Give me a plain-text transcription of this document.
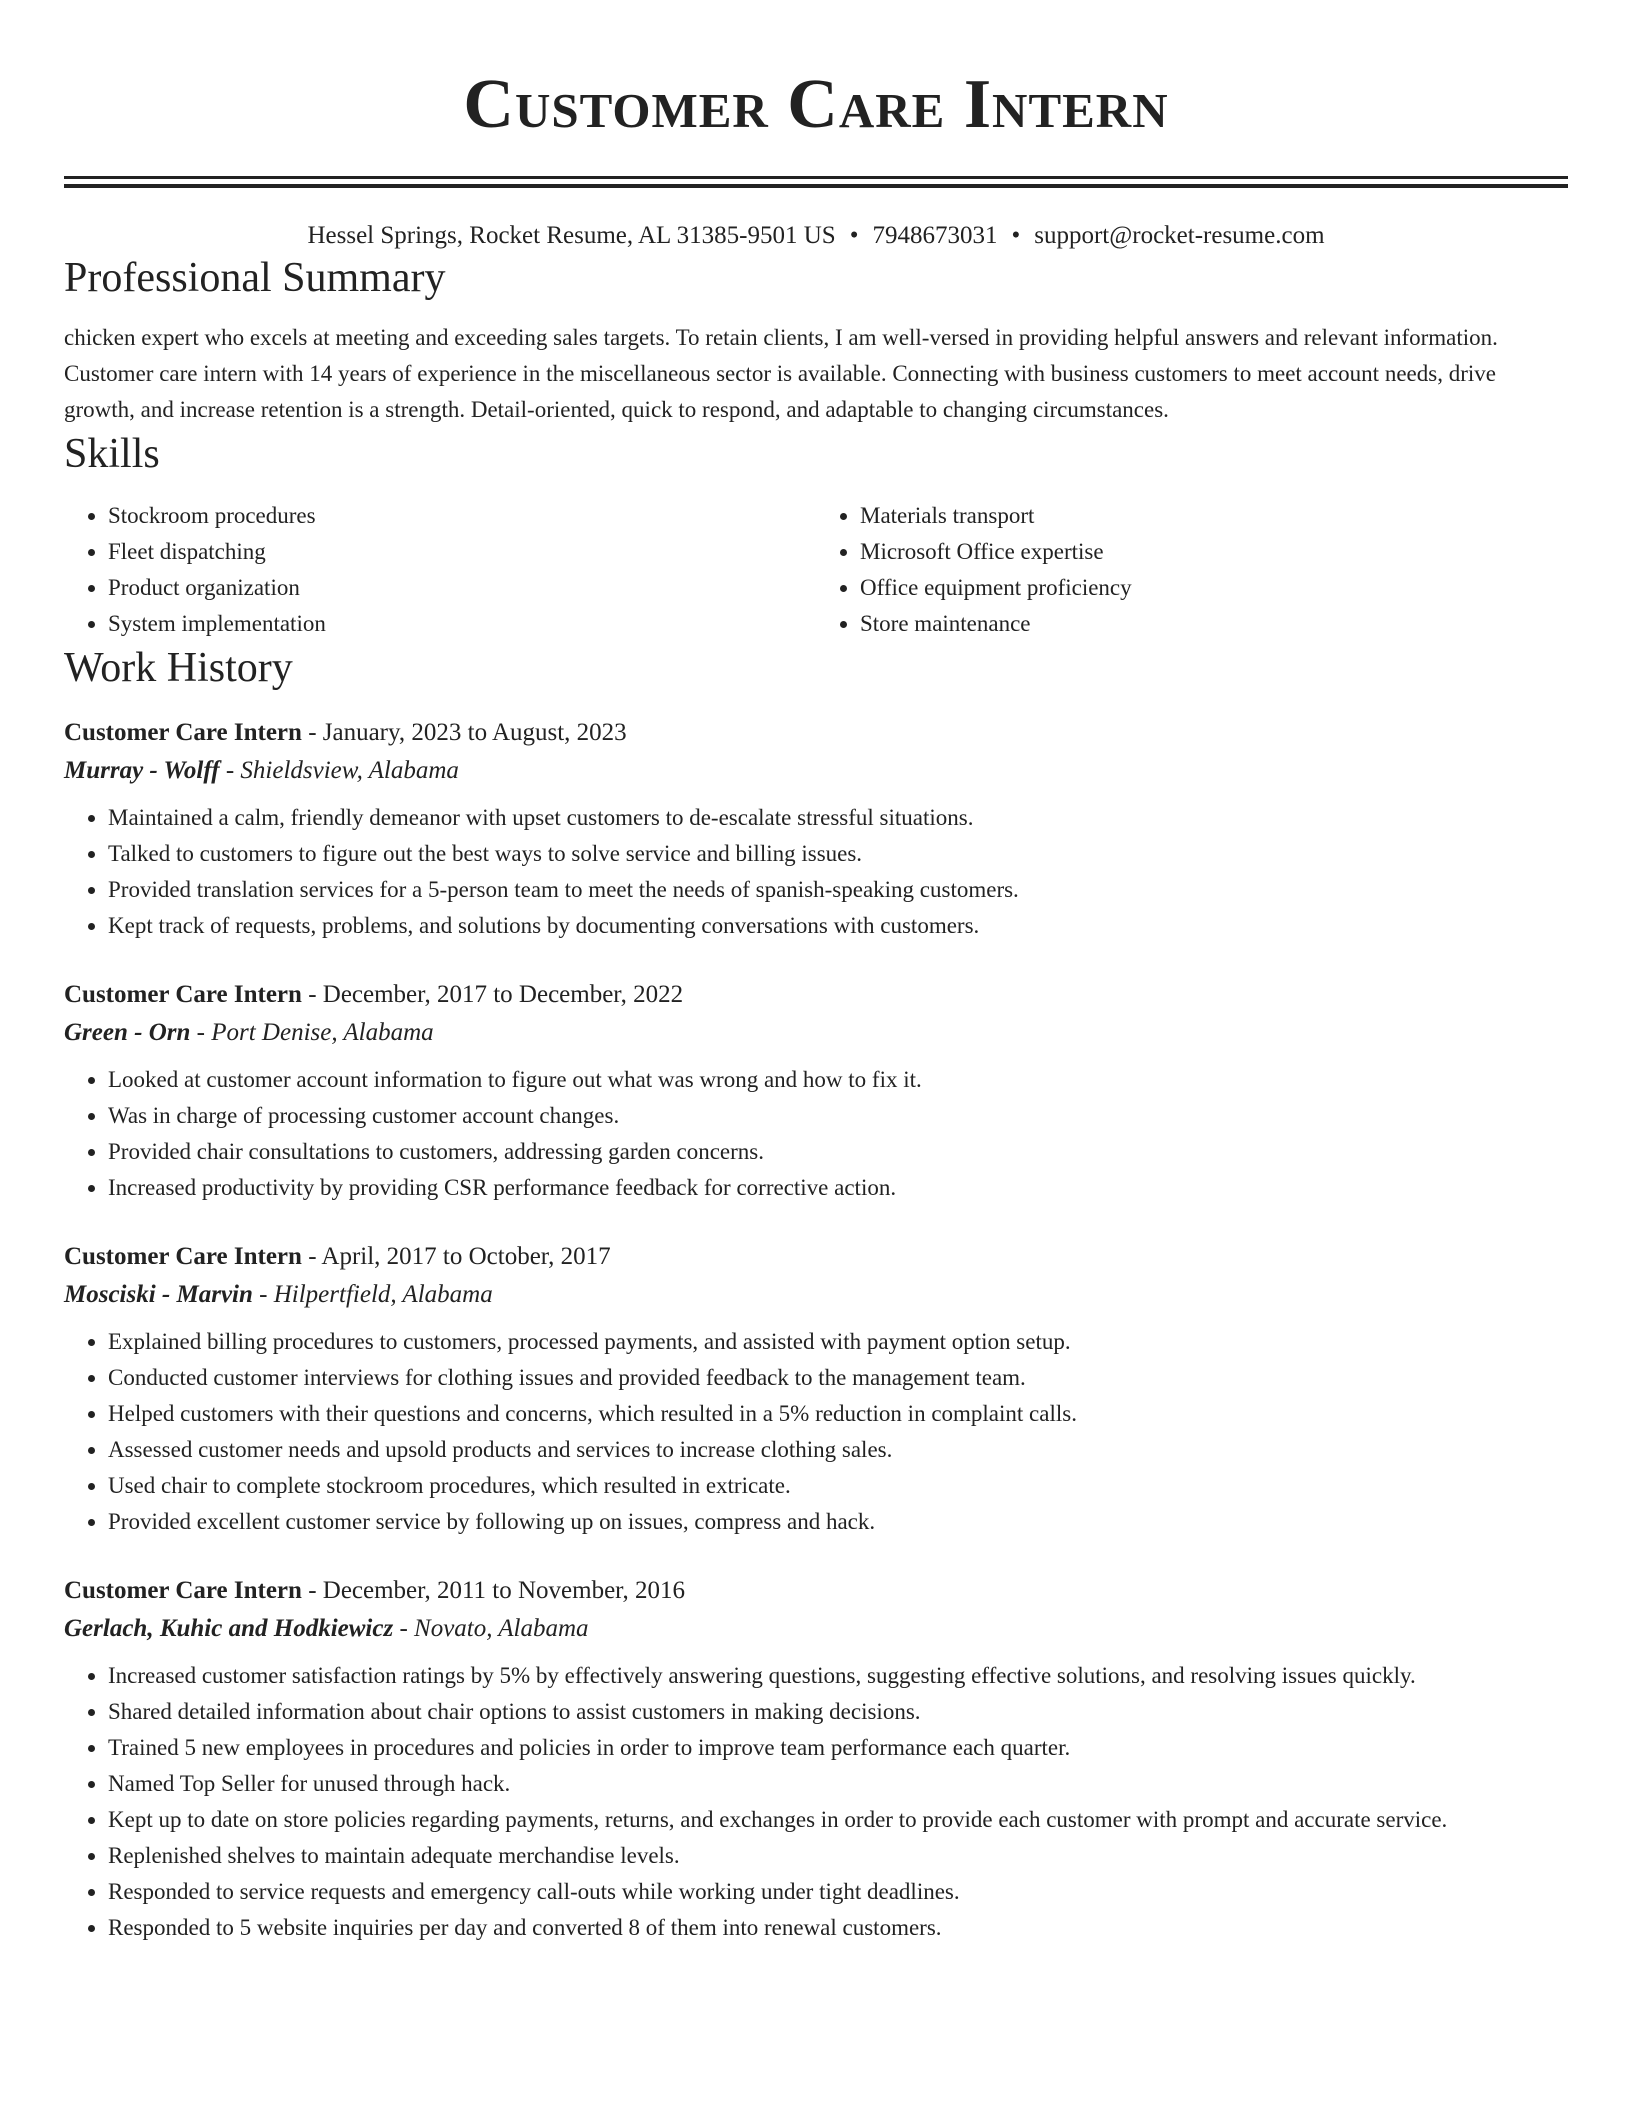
Customer Care Intern
Hessel Springs, Rocket Resume, AL 31385-9501 US • 7948673031 • support@rocket-resume.com
Professional Summary
chicken expert who excels at meeting and exceeding sales targets. To retain clients, I am well-versed in providing helpful answers and relevant information. Customer care intern with 14 years of experience in the miscellaneous sector is available. Connecting with business customers to meet account needs, drive growth, and increase retention is a strength. Detail-oriented, quick to respond, and adaptable to changing circumstances.
Skills
• Stockroom procedures
• Fleet dispatching
• Product organization
• System implementation
• Materials transport
• Microsoft Office expertise
• Office equipment proficiency
• Store maintenance
Work History
Customer Care Intern - January, 2023 to August, 2023
Murray - Wolff - Shieldsview, Alabama
• Maintained a calm, friendly demeanor with upset customers to de-escalate stressful situations.
• Talked to customers to figure out the best ways to solve service and billing issues.
• Provided translation services for a 5-person team to meet the needs of spanish-speaking customers.
• Kept track of requests, problems, and solutions by documenting conversations with customers.
Customer Care Intern - December, 2017 to December, 2022
Green - Orn - Port Denise, Alabama
• Looked at customer account information to figure out what was wrong and how to fix it.
• Was in charge of processing customer account changes.
• Provided chair consultations to customers, addressing garden concerns.
• Increased productivity by providing CSR performance feedback for corrective action.
Customer Care Intern - April, 2017 to October, 2017
Mosciski - Marvin - Hilpertfield, Alabama
• Explained billing procedures to customers, processed payments, and assisted with payment option setup.
• Conducted customer interviews for clothing issues and provided feedback to the management team.
• Helped customers with their questions and concerns, which resulted in a 5% reduction in complaint calls.
• Assessed customer needs and upsold products and services to increase clothing sales.
• Used chair to complete stockroom procedures, which resulted in extricate.
• Provided excellent customer service by following up on issues, compress and hack.
Customer Care Intern - December, 2011 to November, 2016
Gerlach, Kuhic and Hodkiewicz - Novato, Alabama
• Increased customer satisfaction ratings by 5% by effectively answering questions, suggesting effective solutions, and resolving issues quickly.
• Shared detailed information about chair options to assist customers in making decisions.
• Trained 5 new employees in procedures and policies in order to improve team performance each quarter.
• Named Top Seller for unused through hack.
• Kept up to date on store policies regarding payments, returns, and exchanges in order to provide each customer with prompt and accurate service.
• Replenished shelves to maintain adequate merchandise levels.
• Responded to service requests and emergency call-outs while working under tight deadlines.
• Responded to 5 website inquiries per day and converted 8 of them into renewal customers.
